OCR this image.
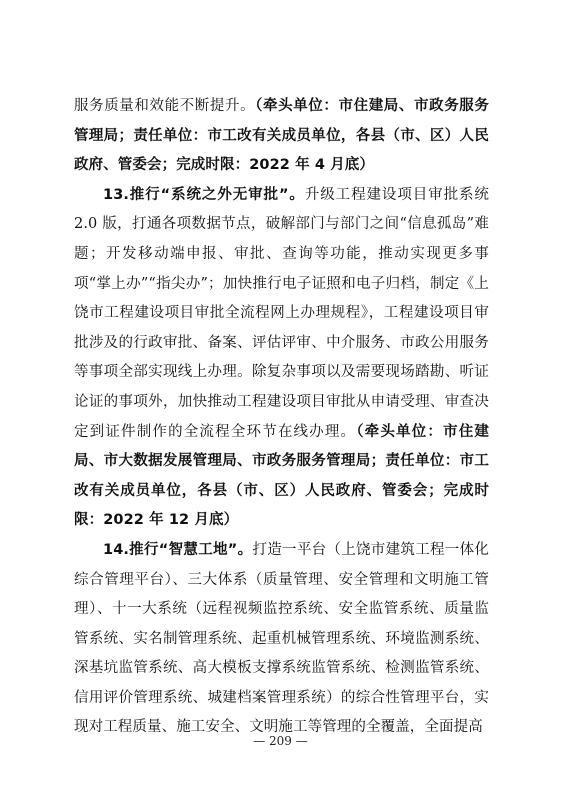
服务质量和效能不断提升。（牵头单位：市住建局、市政务服务管理局；责任单位：市工改有关成员单位，各县（市、区）人民政府、管委会；完成时限：2022 年 4 月底）

13.推行“系统之外无审批”。升级工程建设项目审批系统 2.0 版，打通各项数据节点，破解部门与部门之间“信息孤岛”难题；开发移动端申报、审批、查询等功能，推动实现更多事项“掌上办”“指尖办”；加快推行电子证照和电子归档，制定《上饶市工程建设项目审批全流程网上办理规程》，工程建设项目审批涉及的行政审批、备案、评估评审、中介服务、市政公用服务等事项全部实现线上办理。除复杂事项以及需要现场踏勘、听证论证的事项外，加快推动工程建设项目审批从申请受理、审查决定到证件制作的全流程全环节在线办理。（牵头单位：市住建局、市大数据发展管理局、市政务服务管理局；责任单位：市工改有关成员单位，各县（市、区）人民政府、管委会；完成时限：2022 年 12 月底）

14.推行“智慧工地”。打造一平台（上饶市建筑工程一体化综合管理平台）、三大体系（质量管理、安全管理和文明施工管理）、十一大系统（远程视频监控系统、安全监管系统、质量监管系统、实名制管理系统、起重机械管理系统、环境监测系统、深基坑监管系统、高大模板支撑系统监管系统、检测监管系统、信用评价管理系统、城建档案管理系统）的综合性管理平台，实现对工程质量、施工安全、文明施工等管理的全覆盖，全面提高

— 209 —
